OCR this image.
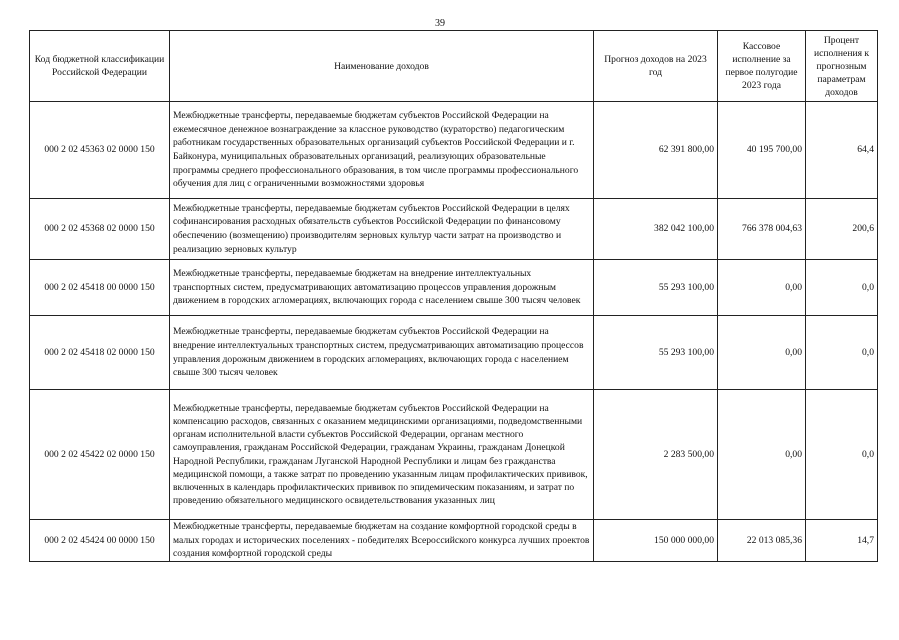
39
Код бюджетной классификации Российской Федерации	Наименование доходов	Прогноз доходов на 2023 год	Кассовое исполнение за первое полугодие 2023 года	Процент исполнения к прогнозным параметрам доходов
000 2 02 45363 02 0000 150	Межбюджетные трансферты, передаваемые бюджетам субъектов Российской Федерации на ежемесячное денежное вознаграждение за классное руководство (кураторство) педагогическим работникам государственных образовательных организаций субъектов Российской Федерации и г. Байконура, муниципальных образовательных организаций, реализующих образовательные программы среднего профессионального образования, в том числе программы профессионального обучения для лиц с ограниченными возможностями здоровья	62 391 800,00	40 195 700,00	64,4
000 2 02 45368 02 0000 150	Межбюджетные трансферты, передаваемые бюджетам субъектов Российской Федерации в целях софинансирования расходных обязательств субъектов Российской Федерации по финансовому обеспечению (возмещению) производителям зерновых культур части затрат на производство и реализацию зерновых культур	382 042 100,00	766 378 004,63	200,6
000 2 02 45418 00 0000 150	Межбюджетные трансферты, передаваемые бюджетам на внедрение интеллектуальных транспортных систем, предусматривающих автоматизацию процессов управления дорожным движением в городских агломерациях, включающих города с населением свыше 300 тысяч человек	55 293 100,00	0,00	0,0
000 2 02 45418 02 0000 150	Межбюджетные трансферты, передаваемые бюджетам субъектов Российской Федерации на внедрение интеллектуальных транспортных систем, предусматривающих автоматизацию процессов управления дорожным движением в городских агломерациях, включающих города с населением свыше 300 тысяч человек	55 293 100,00	0,00	0,0
000 2 02 45422 02 0000 150	Межбюджетные трансферты, передаваемые бюджетам субъектов Российской Федерации на компенсацию расходов, связанных с оказанием медицинскими организациями, подведомственными органам исполнительной власти субъектов Российской Федерации, органам местного самоуправления, гражданам Российской Федерации, гражданам Украины, гражданам Донецкой Народной Республики, гражданам Луганской Народной Республики и лицам без гражданства медицинской помощи, а также затрат по проведению указанным лицам профилактических прививок, включенных в календарь профилактических прививок по эпидемическим показаниям, и затрат по проведению обязательного медицинского освидетельствования указанных лиц	2 283 500,00	0,00	0,0
000 2 02 45424 00 0000 150	Межбюджетные трансферты, передаваемые бюджетам на создание комфортной городской среды в малых городах и исторических поселениях - победителях Всероссийского конкурса лучших проектов создания комфортной городской среды	150 000 000,00	22 013 085,36	14,7
